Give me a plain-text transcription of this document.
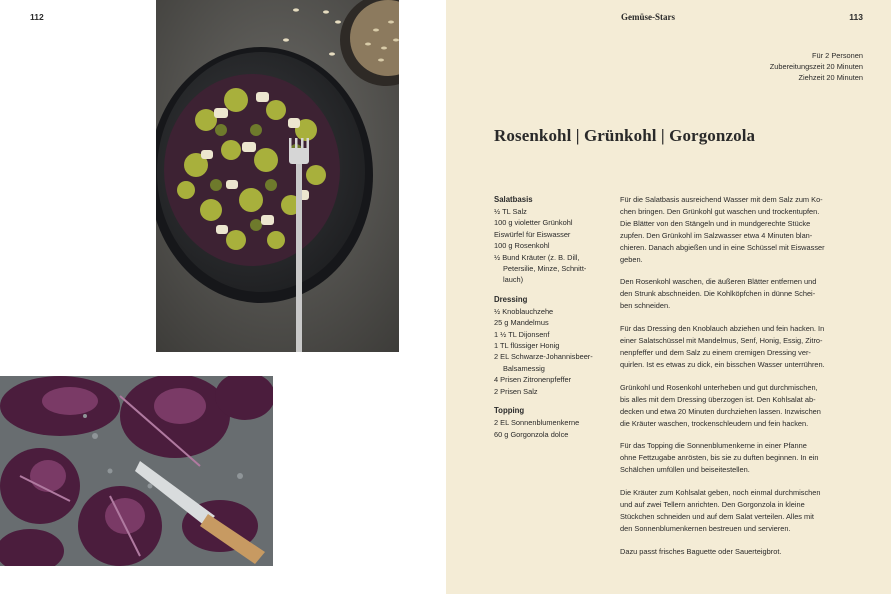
112	Gemüse-Stars	113
Für 2 Personen
Zubereitungszeit 20 Minuten
Ziehzeit 20 Minuten
Rosenkohl | Grünkohl | Gorgonzola
Salatbasis
½ TL Salz
100 g violetter Grünkohl
Eiswürfel für Eiswasser
100 g Rosenkohl
½ Bund Kräuter (z. B. Dill,
Petersilie, Minze, Schnitt-
lauch)
Dressing
½ Knoblauchzehe
25 g Mandelmus
1 ½ TL Dijonsenf
1 TL flüssiger Honig
2 EL Schwarze-Johannisbeer-
Balsamessig
4 Prisen Zitronenpfeffer
2 Prisen Salz
Topping
2 EL Sonnenblumenkerne
60 g Gorgonzola dolce

Für die Salatbasis ausreichend Wasser mit dem Salz zum Ko-
chen bringen. Den Grünkohl gut waschen und trockentupfen.
Die Blätter von den Stängeln und in mundgerechte Stücke
zupfen. Den Grünkohl im Salzwasser etwa 4 Minuten blan-
chieren. Danach abgießen und in eine Schüssel mit Eiswasser
geben.

Den Rosenkohl waschen, die äußeren Blätter entfernen und
den Strunk abschneiden. Die Kohlköpfchen in dünne Schei-
ben schneiden.

Für das Dressing den Knoblauch abziehen und fein hacken. In
einer Salatschüssel mit Mandelmus, Senf, Honig, Essig, Zitro-
nenpfeffer und dem Salz zu einem cremigen Dressing ver-
quirlen. Ist es etwas zu dick, ein bisschen Wasser unterrühren.

Grünkohl und Rosenkohl unterheben und gut durchmischen,
bis alles mit dem Dressing überzogen ist. Den Kohlsalat ab-
decken und etwa 20 Minuten durchziehen lassen. Inzwischen
die Kräuter waschen, trockenschleudern und fein hacken.

Für das Topping die Sonnenblumenkerne in einer Pfanne
ohne Fettzugabe anrösten, bis sie zu duften beginnen. In ein
Schälchen umfüllen und beiseitestellen.

Die Kräuter zum Kohlsalat geben, noch einmal durchmischen
und auf zwei Tellern anrichten. Den Gorgonzola in kleine
Stückchen schneiden und auf dem Salat verteilen. Alles mit
den Sonnenblumenkernen bestreuen und servieren.

Dazu passt frisches Baguette oder Sauerteigbrot.
